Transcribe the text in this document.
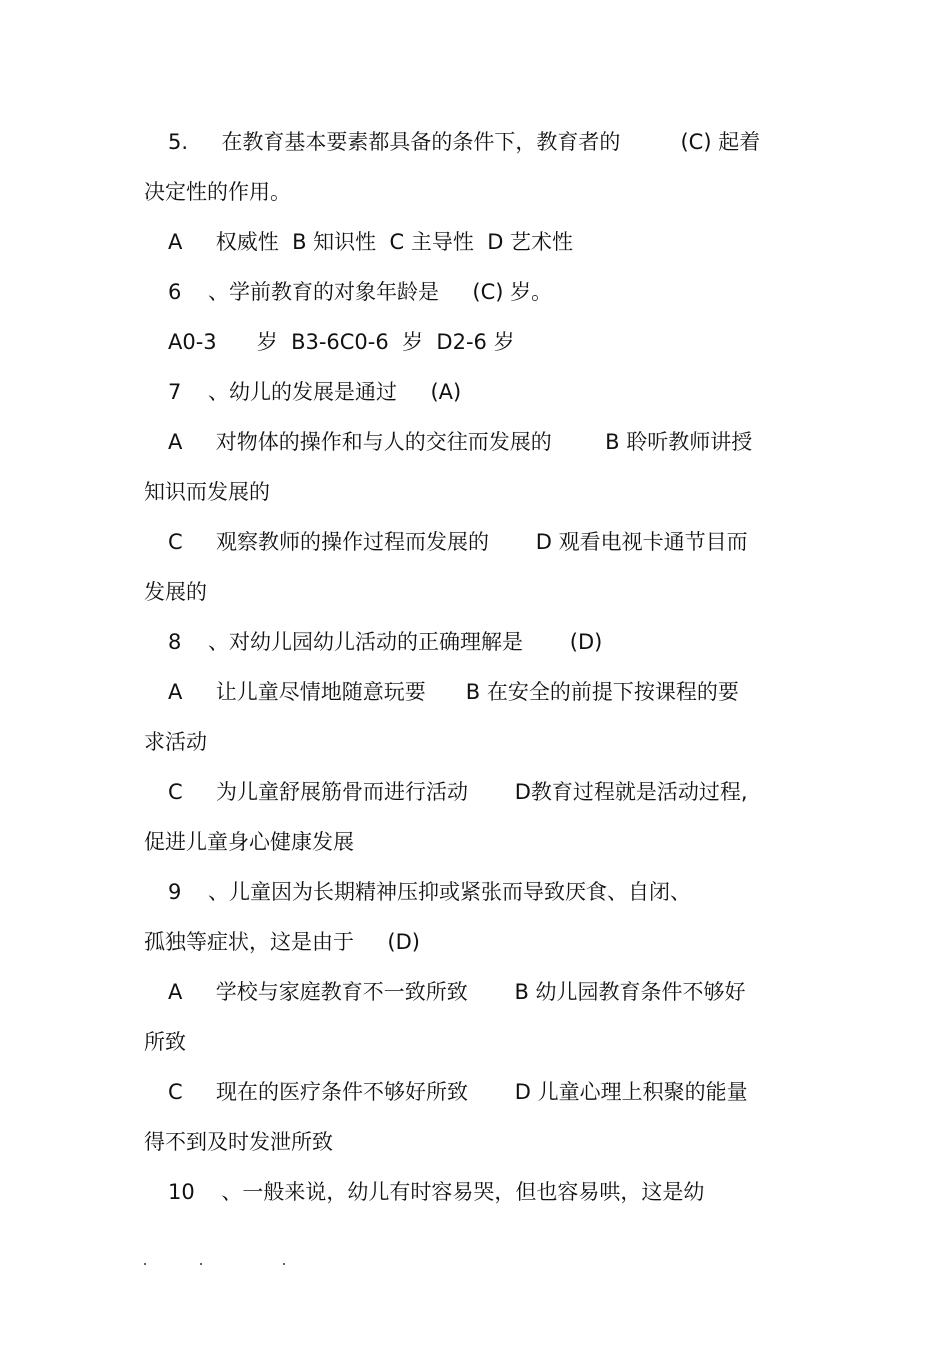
5.     在教育基本要素都具备的条件下，教育者的         (C) 起着
决定性的作用。
A     权威性  B 知识性  C 主导性  D 艺术性
6    、学前教育的对象年龄是     (C) 岁。
A0-3      岁  B3-6C0-6  岁  D2-6 岁
7    、幼儿的发展是通过     (A)
A     对物体的操作和与人的交往而发展的        B 聆听教师讲授
知识而发展的
C     观察教师的操作过程而发展的       D 观看电视卡通节目而
发展的
8    、对幼儿园幼儿活动的正确理解是       (D)
A     让儿童尽情地随意玩要      B 在安全的前提下按课程的要
求活动
C     为儿童舒展筋骨而进行活动       D教育过程就是活动过程,
促进儿童身心健康发展
9    、儿童因为长期精神压抑或紧张而导致厌食、自闭、
孤独等症状，这是由于     (D)
A     学校与家庭教育不一致所致       B 幼儿园教育条件不够好
所致
C     现在的医疗条件不够好所致       D 儿童心理上积聚的能量
得不到及时发泄所致
10    、一般来说，幼儿有时容易哭，但也容易哄，这是幼
